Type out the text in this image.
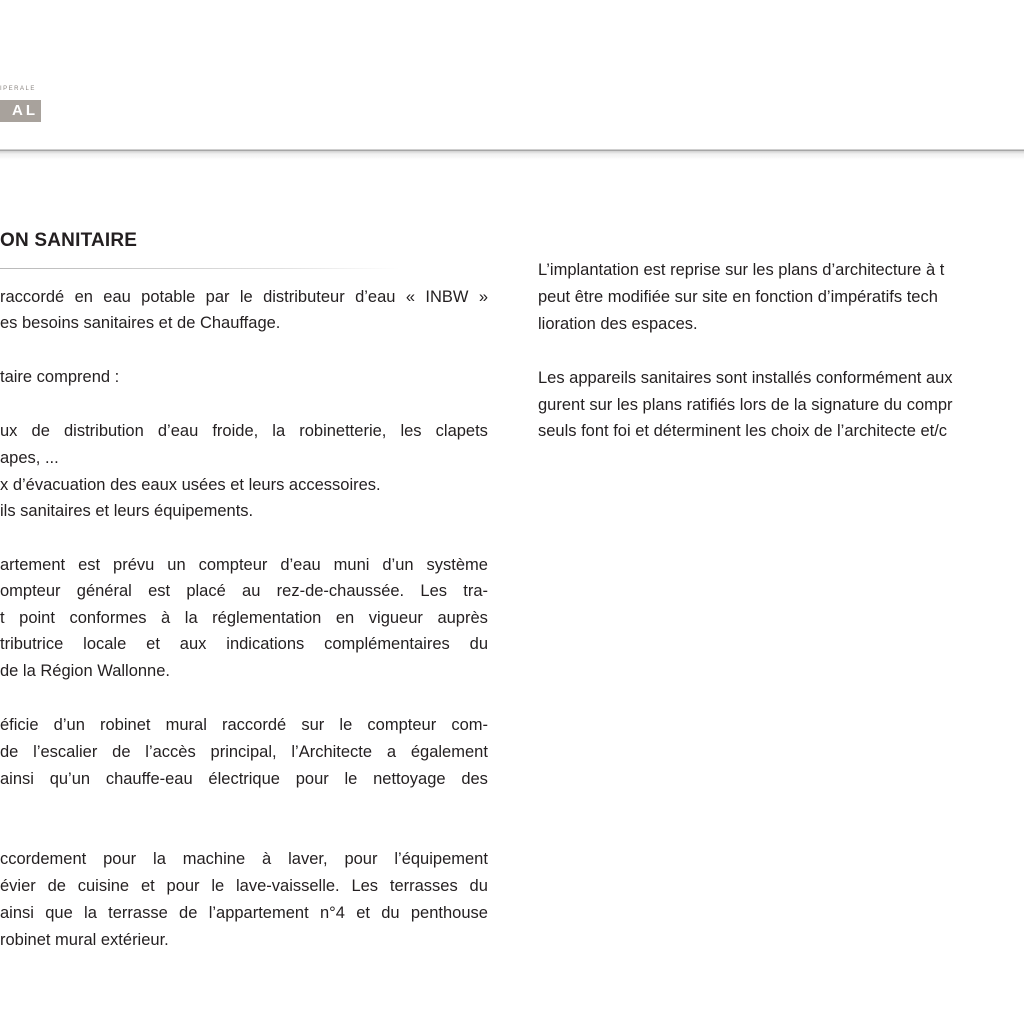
IPERALE
AL
ON SANITAIRE
raccordé en eau potable par le distributeur d’eau « INBW »
es besoins sanitaires et de Chauffage.
taire comprend :
ux de distribution d’eau froide, la robinetterie, les clapets
apes, ...
x d’évacuation des eaux usées et leurs accessoires.
ils sanitaires et leurs équipements.
artement est prévu un compteur d’eau muni d’un système
ompteur général est placé au rez-de-chaussée. Les tra-
t point conformes à la réglementation en vigueur auprès
tributrice locale et aux indications complémentaires du
de la Région Wallonne.
éficie d’un robinet mural raccordé sur le compteur com-
de l’escalier de l’accès principal, l’Architecte a également
ainsi qu’un chauffe-eau électrique pour le nettoyage des
ccordement pour la machine à laver, pour l’équipement
évier de cuisine et pour le lave-vaisselle. Les terrasses du
ainsi que la terrasse de l’appartement n°4 et du penthouse
robinet mural extérieur.
L’implantation est reprise sur les plans d’architecture à t
peut être modifiée sur site en fonction d’impératifs tech
lioration des espaces.
Les appareils sanitaires sont installés conformément aux
gurent sur les plans ratifiés lors de la signature du compr
seuls font foi et déterminent les choix de l’architecte et/c
